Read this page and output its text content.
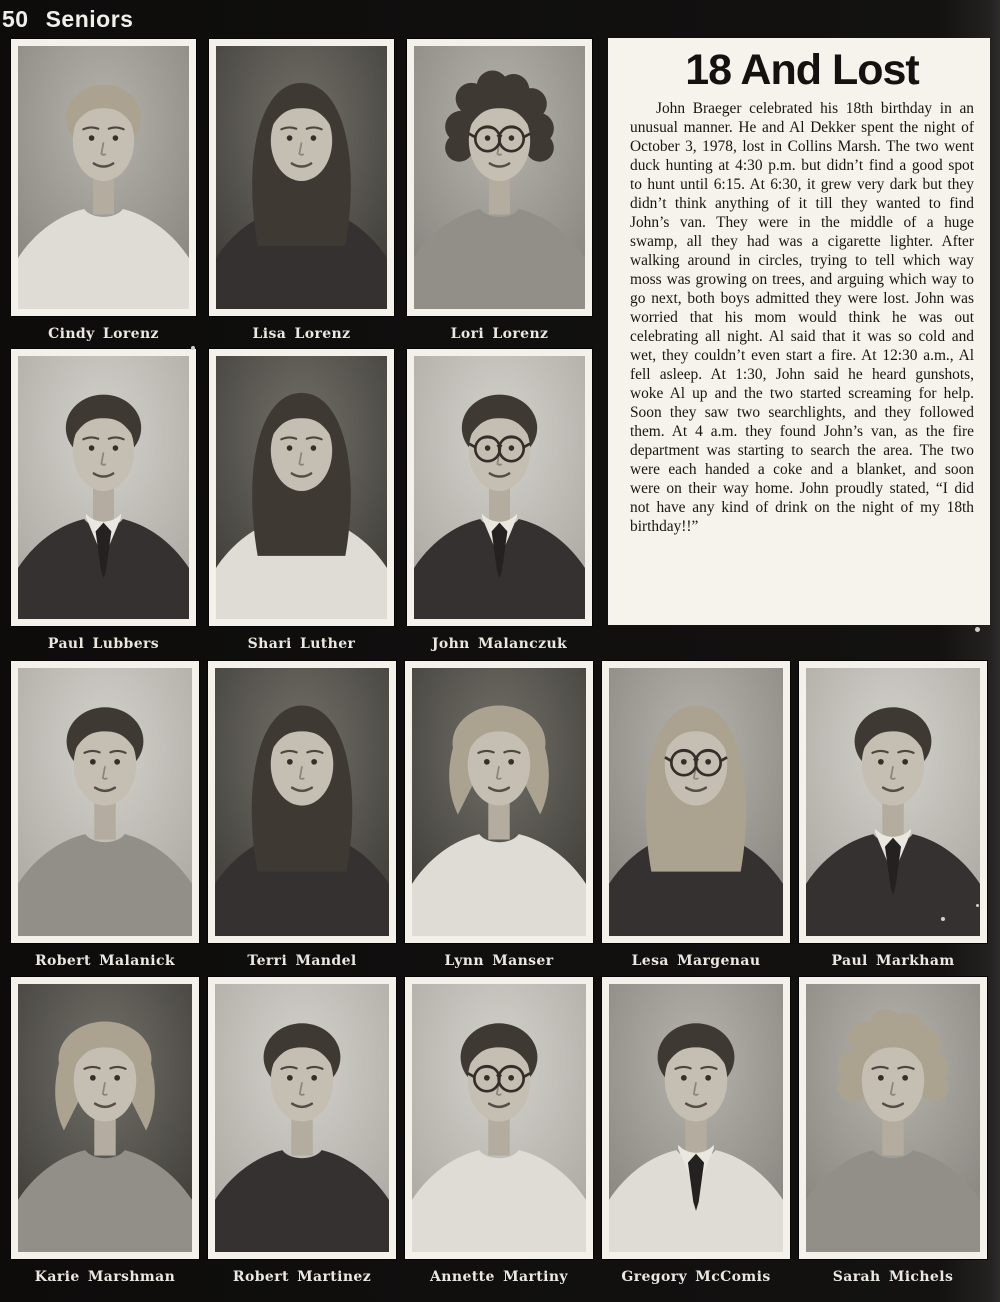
50 Seniors
Cindy Lorenz	Lisa Lorenz	Lori Lorenz
Paul Lubbers	Shari Luther	John Malanczuk
18 And Lost

John Braeger celebrated his 18th birthday in an unusual manner. He and Al Dekker spent the night of October 3, 1978, lost in Collins Marsh. The two went duck hunting at 4:30 p.m. but didn’t find a good spot to hunt until 6:15. At 6:30, it grew very dark but they didn’t think anything of it till they wanted to find John’s van. They were in the middle of a huge swamp, all they had was a cigarette lighter. After walking around in circles, trying to tell which way moss was growing on trees, and arguing which way to go next, both boys admitted they were lost. John was worried that his mom would think he was out celebrating all night. Al said that it was so cold and wet, they couldn’t even start a fire. At 12:30 a.m., Al fell asleep. At 1:30, John said he heard gunshots, woke Al up and the two started screaming for help. Soon they saw two searchlights, and they followed them. At 4 a.m. they found John’s van, as the fire department was starting to search the area. The two were each handed a coke and a blanket, and soon were on their way home. John proudly stated, “I did not have any kind of drink on the night of my 18th birthday!!”

Robert Malanick	Terri Mandel	Lynn Manser	Lesa Margenau	Paul Markham
Karie Marshman	Robert Martinez	Annette Martiny	Gregory McComis	Sarah Michels
